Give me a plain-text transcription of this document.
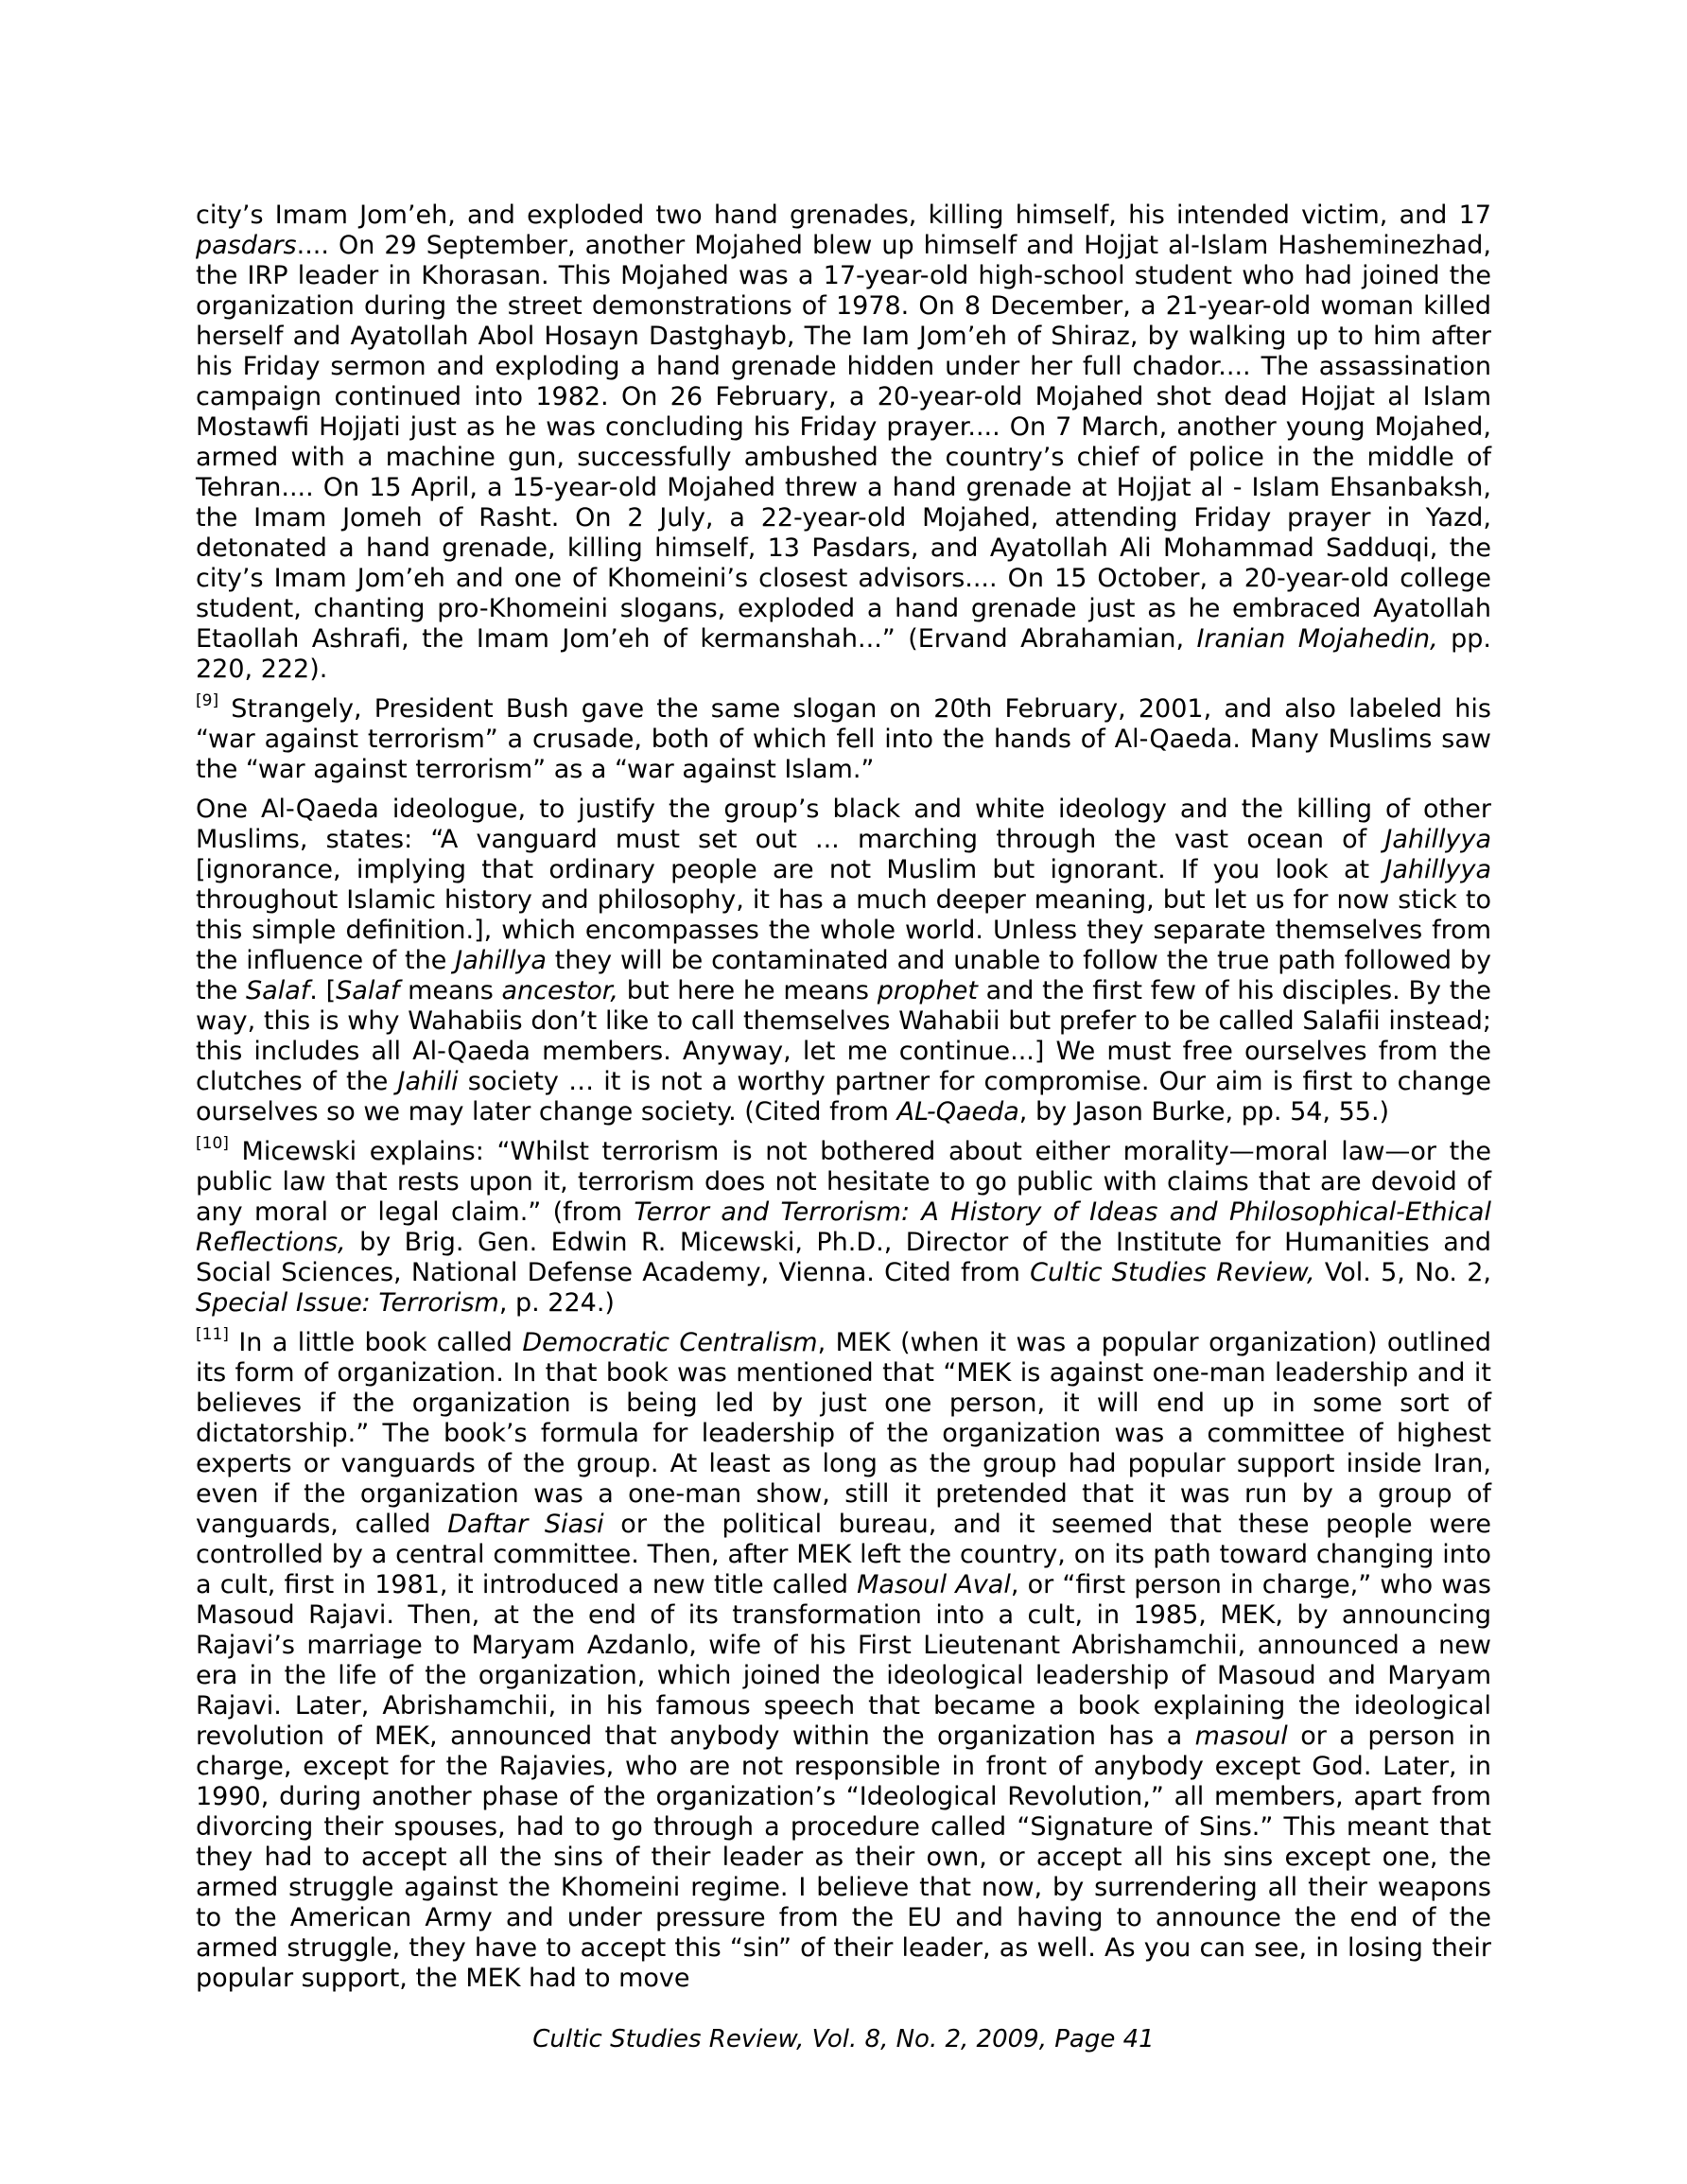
city’s Imam Jom’eh, and exploded two hand grenades, killing himself, his intended victim, and 17 pasdars.... On 29 September, another Mojahed blew up himself and Hojjat al-Islam Hasheminezhad, the IRP leader in Khorasan. This Mojahed was a 17-year-old high-school student who had joined the organization during the street demonstrations of 1978. On 8 December, a 21-year-old woman killed herself and Ayatollah Abol Hosayn Dastghayb, The Iam Jom’eh of Shiraz, by walking up to him after his Friday sermon and exploding a hand grenade hidden under her full chador.... The assassination campaign continued into 1982. On 26 February, a 20-year-old Mojahed shot dead Hojjat al Islam Mostawfi Hojjati just as he was concluding his Friday prayer.... On 7 March, another young Mojahed, armed with a machine gun, successfully ambushed the country’s chief of police in the middle of Tehran.... On 15 April, a 15-year-old Mojahed threw a hand grenade at Hojjat al - Islam Ehsanbaksh, the Imam Jomeh of Rasht. On 2 July, a 22-year-old Mojahed, attending Friday prayer in Yazd, detonated a hand grenade, killing himself, 13 Pasdars, and Ayatollah Ali Mohammad Sadduqi, the city’s Imam Jom’eh and one of Khomeini’s closest advisors.... On 15 October, a 20-year-old college student, chanting pro-Khomeini slogans, exploded a hand grenade just as he embraced Ayatollah Etaollah Ashrafi, the Imam Jom’eh of kermanshah...” (Ervand Abrahamian, Iranian Mojahedin, pp. 220, 222).

[9] Strangely, President Bush gave the same slogan on 20th February, 2001, and also labeled his “war against terrorism” a crusade, both of which fell into the hands of Al-Qaeda. Many Muslims saw the “war against terrorism” as a “war against Islam.”

One Al-Qaeda ideologue, to justify the group’s black and white ideology and the killing of other Muslims, states: “A vanguard must set out ... marching through the vast ocean of Jahillyya [ignorance, implying that ordinary people are not Muslim but ignorant. If you look at Jahillyya throughout Islamic history and philosophy, it has a much deeper meaning, but let us for now stick to this simple definition.], which encompasses the whole world. Unless they separate themselves from the influence of the Jahillya they will be contaminated and unable to follow the true path followed by the Salaf. [Salaf means ancestor, but here he means prophet and the first few of his disciples. By the way, this is why Wahabiis don’t like to call themselves Wahabii but prefer to be called Salafii instead; this includes all Al-Qaeda members. Anyway, let me continue...] We must free ourselves from the clutches of the Jahili society … it is not a worthy partner for compromise. Our aim is first to change ourselves so we may later change society. (Cited from AL-Qaeda, by Jason Burke, pp. 54, 55.)

[10] Micewski explains: “Whilst terrorism is not bothered about either morality—moral law—or the public law that rests upon it, terrorism does not hesitate to go public with claims that are devoid of any moral or legal claim.” (from Terror and Terrorism: A History of Ideas and Philosophical-Ethical Reflections, by Brig. Gen. Edwin R. Micewski, Ph.D., Director of the Institute for Humanities and Social Sciences, National Defense Academy, Vienna. Cited from Cultic Studies Review, Vol. 5, No. 2, Special Issue: Terrorism, p. 224.)

[11] In a little book called Democratic Centralism, MEK (when it was a popular organization) outlined its form of organization. In that book was mentioned that “MEK is against one-man leadership and it believes if the organization is being led by just one person, it will end up in some sort of dictatorship.” The book’s formula for leadership of the organization was a committee of highest experts or vanguards of the group. At least as long as the group had popular support inside Iran, even if the organization was a one-man show, still it pretended that it was run by a group of vanguards, called Daftar Siasi or the political bureau, and it seemed that these people were controlled by a central committee. Then, after MEK left the country, on its path toward changing into a cult, first in 1981, it introduced a new title called Masoul Aval, or “first person in charge,” who was Masoud Rajavi. Then, at the end of its transformation into a cult, in 1985, MEK, by announcing Rajavi’s marriage to Maryam Azdanlo, wife of his First Lieutenant Abrishamchii, announced a new era in the life of the organization, which joined the ideological leadership of Masoud and Maryam Rajavi. Later, Abrishamchii, in his famous speech that became a book explaining the ideological revolution of MEK, announced that anybody within the organization has a masoul or a person in charge, except for the Rajavies, who are not responsible in front of anybody except God. Later, in 1990, during another phase of the organization’s “Ideological Revolution,” all members, apart from divorcing their spouses, had to go through a procedure called “Signature of Sins.” This meant that they had to accept all the sins of their leader as their own, or accept all his sins except one, the armed struggle against the Khomeini regime. I believe that now, by surrendering all their weapons to the American Army and under pressure from the EU and having to announce the end of the armed struggle, they have to accept this “sin” of their leader, as well. As you can see, in losing their popular support, the MEK had to move

Cultic Studies Review, Vol. 8, No. 2, 2009, Page 41
